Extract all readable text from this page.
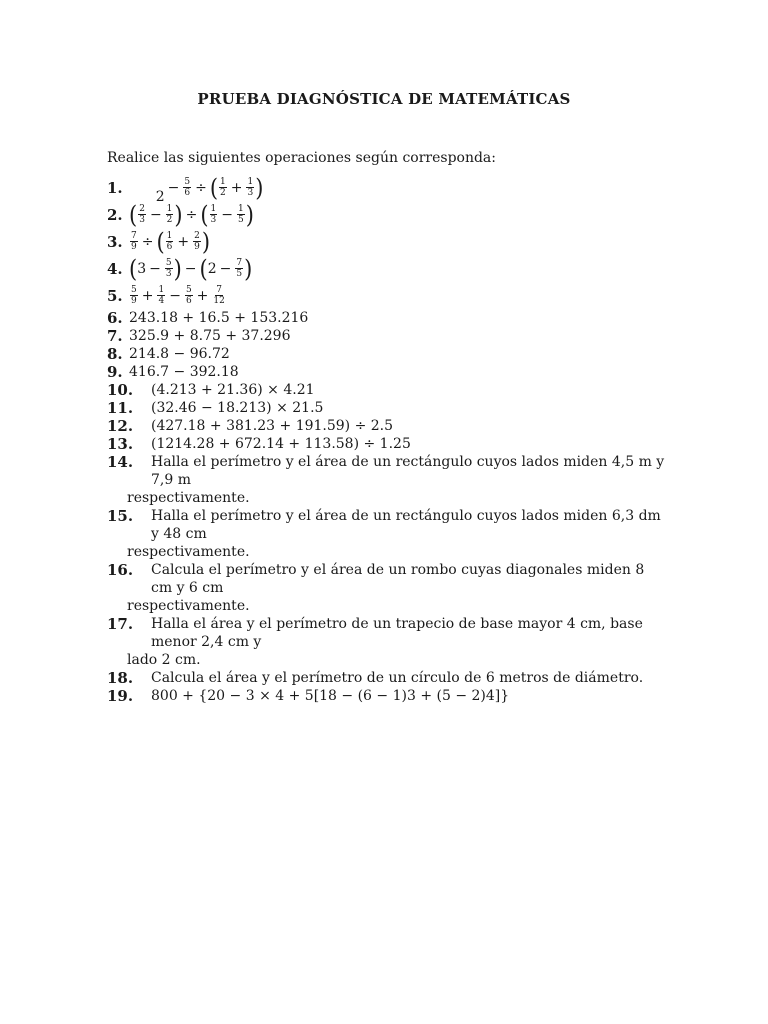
PRUEBA DIAGNÓSTICA DE MATEMÁTICAS
Realice las siguientes operaciones según corresponda:
1.	
2
− $\frac{5}{6}$ ÷ ( 1
$2 + \frac{1}{3}$ )
2. ( 2
$3 - \frac{1}{2}$ ) ÷ ( 1
$3 - \frac{1}{5}$ )
3. $\frac{7}{9}$ ÷ ( 1
$6 + \frac{2}{9}$ )
4. ( $3 - \frac{5}{3}$ ) − ( $2 - \frac{7}{5}$ )
5. 5
$9 + \frac{1}{4} - \frac{5}{6} + \frac{7}{12}$
6. 243.18 + 16.5 + 153.216
7. 325.9 + 8.75 + 37.296
8. 214.8 − 96.72
9. 416.7 − 392.18
10.	(4.213 + 21.36) × 4.21
11.	(32.46 − 18.213) × 21.5
12.	(427.18 + 381.23 + 191.59) ÷ 2.5
13.	(1214.28 + 672.14 + 113.58) ÷ 1.25
14.	Halla el perímetro y el área de un rectángulo cuyos lados miden 4,5 m y 7,9 m
respectivamente.
15.	Halla el perímetro y el área de un rectángulo cuyos lados miden 6,3 dm y 48 cm
respectivamente.
16.	Calcula el perímetro y el área de un rombo cuyas diagonales miden 8 cm y 6 cm
respectivamente.
17.	Halla el área y el perímetro de un trapecio de base mayor 4 cm, base menor 2,4 cm y
lado 2 cm.
18.	Calcula el área y el perímetro de un círculo de 6 metros de diámetro.
19.	800 + {20 − 3 × 4 + 5[18 − (6 − 1)3 + (5 − 2)4]}
